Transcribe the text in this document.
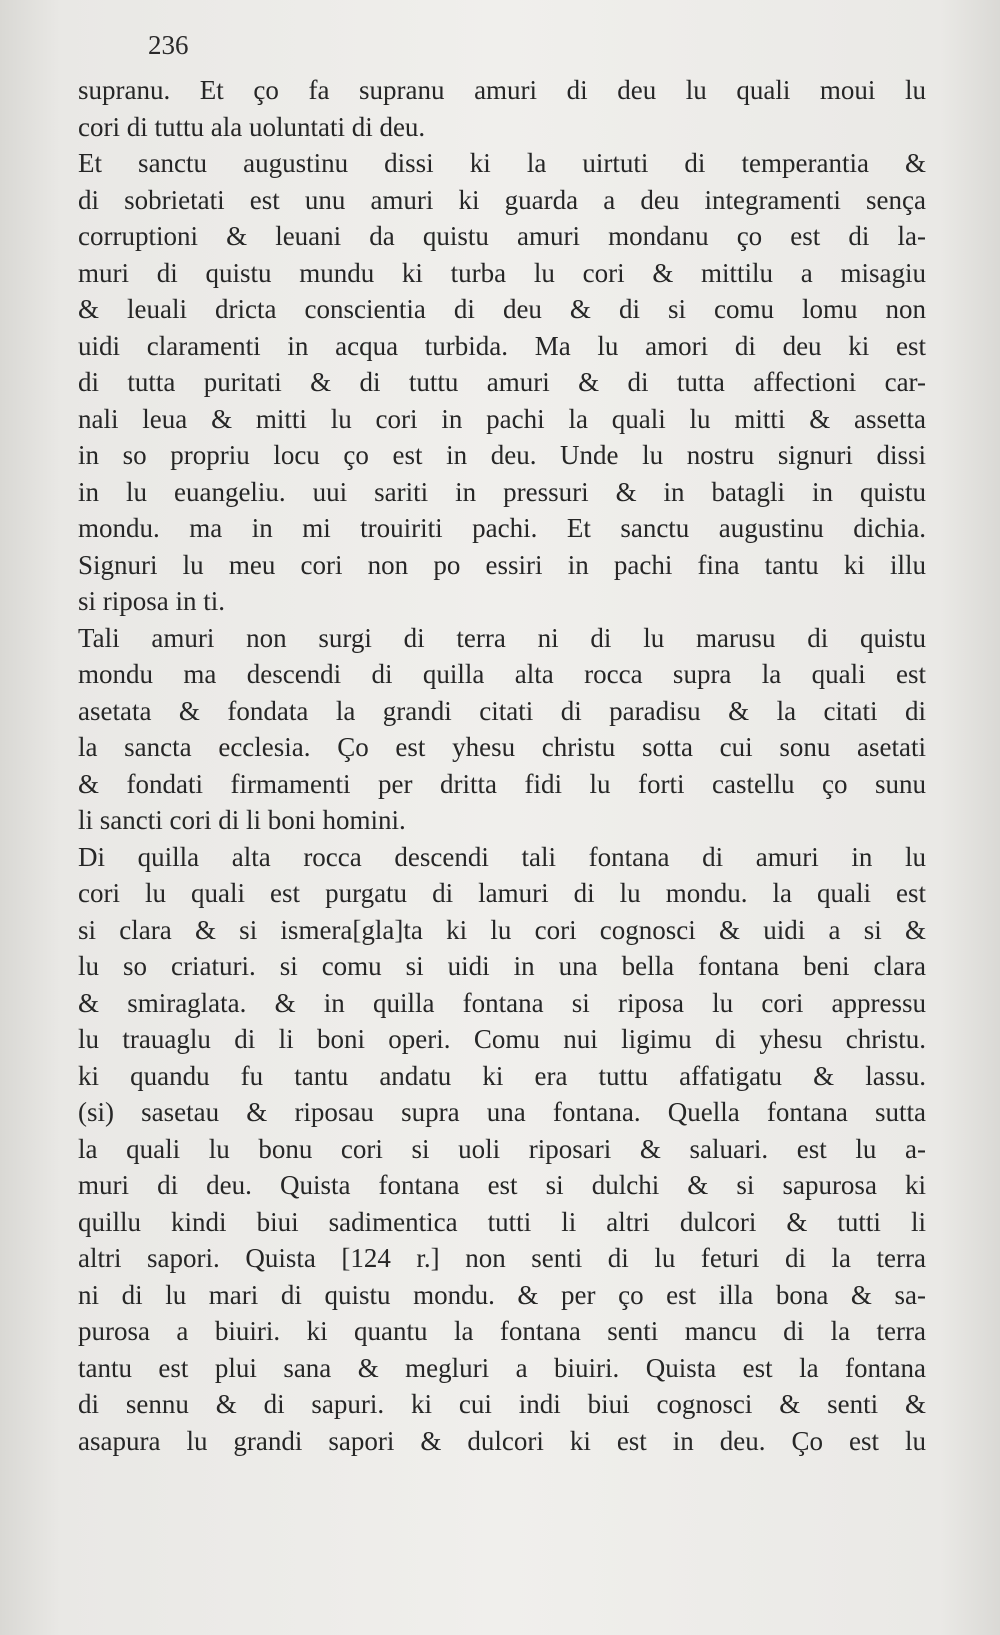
236
supranu. Et ço fa supranu amuri di deu lu quali moui lu
cori di tuttu ala uoluntati di deu.
Et sanctu augustinu dissi ki la uirtuti di temperantia &
di sobrietati est unu amuri ki guarda a deu integramenti sença
corruptioni & leuani da quistu amuri mondanu ço est di la-
muri di quistu mundu ki turba lu cori & mittilu a misagiu
& leuali dricta conscientia di deu & di si comu lomu non
uidi claramenti in acqua turbida. Ma lu amori di deu ki est
di tutta puritati & di tuttu amuri & di tutta affectioni car-
nali leua & mitti lu cori in pachi la quali lu mitti & assetta
in so propriu locu ço est in deu. Unde lu nostru signuri dissi
in lu euangeliu. uui sariti in pressuri & in batagli in quistu
mondu. ma in mi trouiriti pachi. Et sanctu augustinu dichia.
Signuri lu meu cori non po essiri in pachi fina tantu ki illu
si riposa in ti.
Tali amuri non surgi di terra ni di lu marusu di quistu
mondu ma descendi di quilla alta rocca supra la quali est
asetata & fondata la grandi citati di paradisu & la citati di
la sancta ecclesia. Ço est yhesu christu sotta cui sonu asetati
& fondati firmamenti per dritta fidi lu forti castellu ço sunu
li sancti cori di li boni homini.
Di quilla alta rocca descendi tali fontana di amuri in lu
cori lu quali est purgatu di lamuri di lu mondu. la quali est
si clara & si ismera[gla]ta ki lu cori cognosci & uidi a si &
lu so criaturi. si comu si uidi in una bella fontana beni clara
& smiraglata. & in quilla fontana si riposa lu cori appressu
lu trauaglu di li boni operi. Comu nui ligimu di yhesu christu.
ki quandu fu tantu andatu ki era tuttu affatigatu & lassu.
(si) sasetau & riposau supra una fontana. Quella fontana sutta
la quali lu bonu cori si uoli riposari & saluari. est lu a-
muri di deu. Quista fontana est si dulchi & si sapurosa ki
quillu kindi biui sadimentica tutti li altri dulcori & tutti li
altri sapori. Quista [124 r.] non senti di lu feturi di la terra
ni di lu mari di quistu mondu. & per ço est illa bona & sa-
purosa a biuiri. ki quantu la fontana senti mancu di la terra
tantu est plui sana & megluri a biuiri. Quista est la fontana
di sennu & di sapuri. ki cui indi biui cognosci & senti &
asapura lu grandi sapori & dulcori ki est in deu. Ço est lu
